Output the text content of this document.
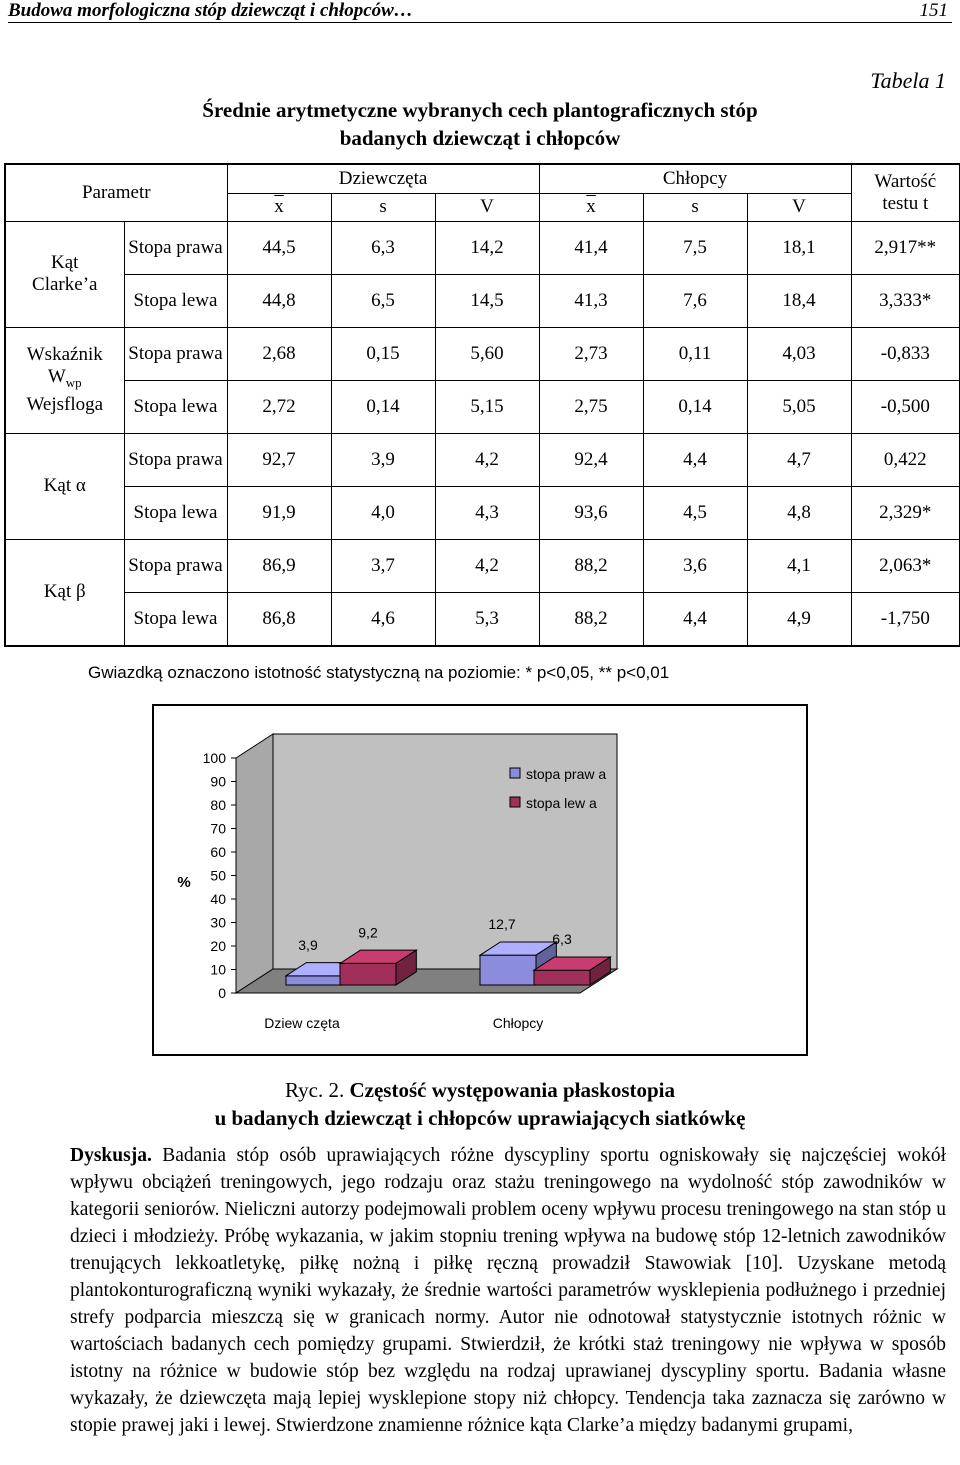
Budowa morfologiczna stóp dziewcząt i chłopców…	151
Tabela 1
Średnie arytmetyczne wybranych cech plantograficznych stóp
badanych dziewcząt i chłopców
Parametr		Dziewczęta			Chłopcy			Wartość
testu t

		$\overline{x}$	s	V	$\overline{x}$	s	V	

Kąt
Clarke’a	Stopa prawa	44,5	6,3	14,2	41,4	7,5	18,1	2,917**
	Stopa lewa	44,8	6,5	14,5	41,3	7,6	18,4	3,333*

Wskaźnik
$W_{wp}$
Wejsfloga	Stopa prawa	2,68	0,15	5,60	2,73	0,11	4,03	-0,833
	Stopa lewa	2,72	0,14	5,15	2,75	0,14	5,05	-0,500
Kąt α	Stopa prawa	92,7	3,9	4,2	92,4	4,4	4,7	0,422
	Stopa lewa	91,9	4,0	4,3	93,6	4,5	4,8	2,329*
Kąt β	Stopa prawa	86,9	3,7	4,2	88,2	3,6	4,1	2,063*
	Stopa lewa	86,8	4,6	5,3	88,2	4,4	4,9	-1,750
Gwiazdką oznaczono istotność statystyczną na poziomie: * p<0,05, ** p<0,01
0
10
20
30
40
50
60
70
80
90
100
%
3,9
9,2
Dziew częta
12,7
6,3
Chłopcy
stopa praw a
stopa lew a
Ryc. 2. Częstość występowania płaskostopia
u badanych dziewcząt i chłopców uprawiających siatkówkę

Dyskusja. Badania stóp osób uprawiających różne dyscypliny sportu ogniskowały się najczęściej wokół wpływu obciążeń treningowych, jego rodzaju oraz stażu treningowego na wydolność stóp zawodników w kategorii seniorów. Nieliczni autorzy podejmowali problem oceny wpływu procesu treningowego na stan stóp u dzieci i młodzieży. Próbę wykazania, w jakim stopniu trening wpływa na budowę stóp 12-letnich zawodników trenujących lekkoatletykę, piłkę nożną i piłkę ręczną prowadził Stawowiak [10]. Uzyskane metodą plantokonturograficzną wyniki wykazały, że średnie wartości parametrów wysklepienia podłużnego i przedniej strefy podparcia mieszczą się w granicach normy. Autor nie odnotował statystycznie istotnych różnic w wartościach badanych cech pomiędzy grupami. Stwierdził, że krótki staż treningowy nie wpływa w sposób istotny na różnice w budowie stóp bez względu na rodzaj uprawianej dyscypliny sportu. Badania własne wykazały, że dziewczęta mają lepiej wysklepione stopy niż chłopcy. Tendencja taka zaznacza się zarówno w stopie prawej jaki i lewej. Stwierdzone znamienne różnice kąta Clarke’a między badanymi grupami,
